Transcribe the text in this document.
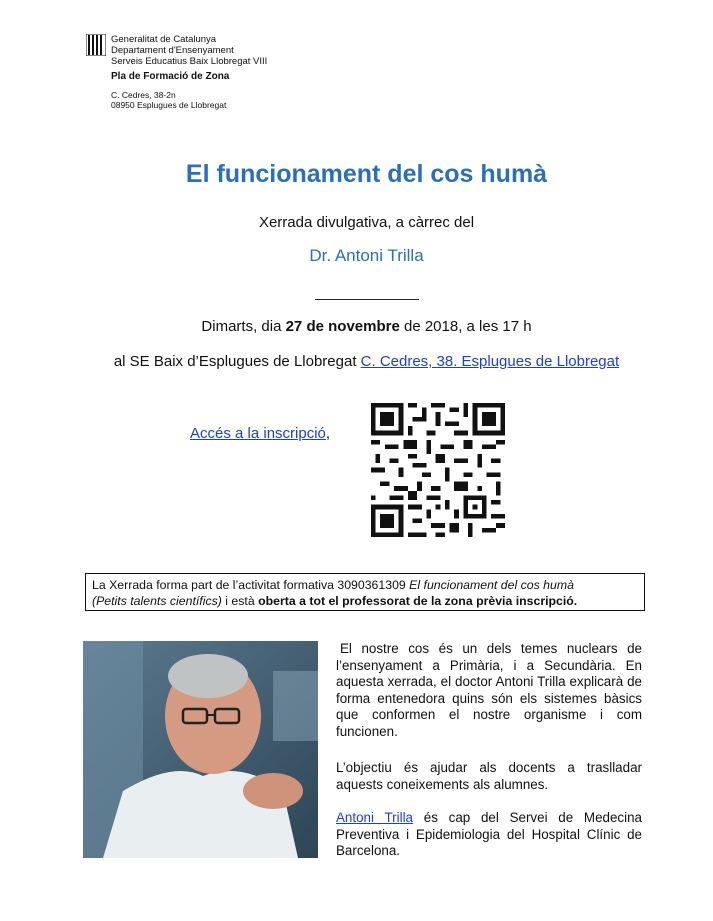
Generalitat de Catalunya
Departament d'Ensenyament
Serveis Educatius Baix Llobregat VIII
Pla de Formació de Zona
C. Cedres, 38-2n
08950 Esplugues de Llobregat
El funcionament del cos humà
Xerrada divulgativa, a càrrec del
Dr. Antoni Trilla
Dimarts, dia 27 de novembre de 2018, a les 17 h
al SE Baix d’Esplugues de Llobregat C. Cedres, 38. Esplugues de Llobregat
Accés a la inscripció,
La Xerrada forma part de l’activitat formativa 3090361309 El funcionament del cos humà
(Petits talents científics) i està oberta a tot el professorat de la zona prèvia inscripció.
El nostre cos és un dels temes nuclears de l’ensenyament a Primària, i a Secundària. En aquesta xerrada, el doctor Antoni Trilla explicarà de forma entenedora quins són els sistemes bàsics que conformen el nostre organisme i com funcionen.
L’objectiu és ajudar als docents a traslladar aquests coneixements als alumnes.
Antoni Trilla és cap del Servei de Medecina Preventiva i Epidemiologia del Hospital Clínic de Barcelona.
